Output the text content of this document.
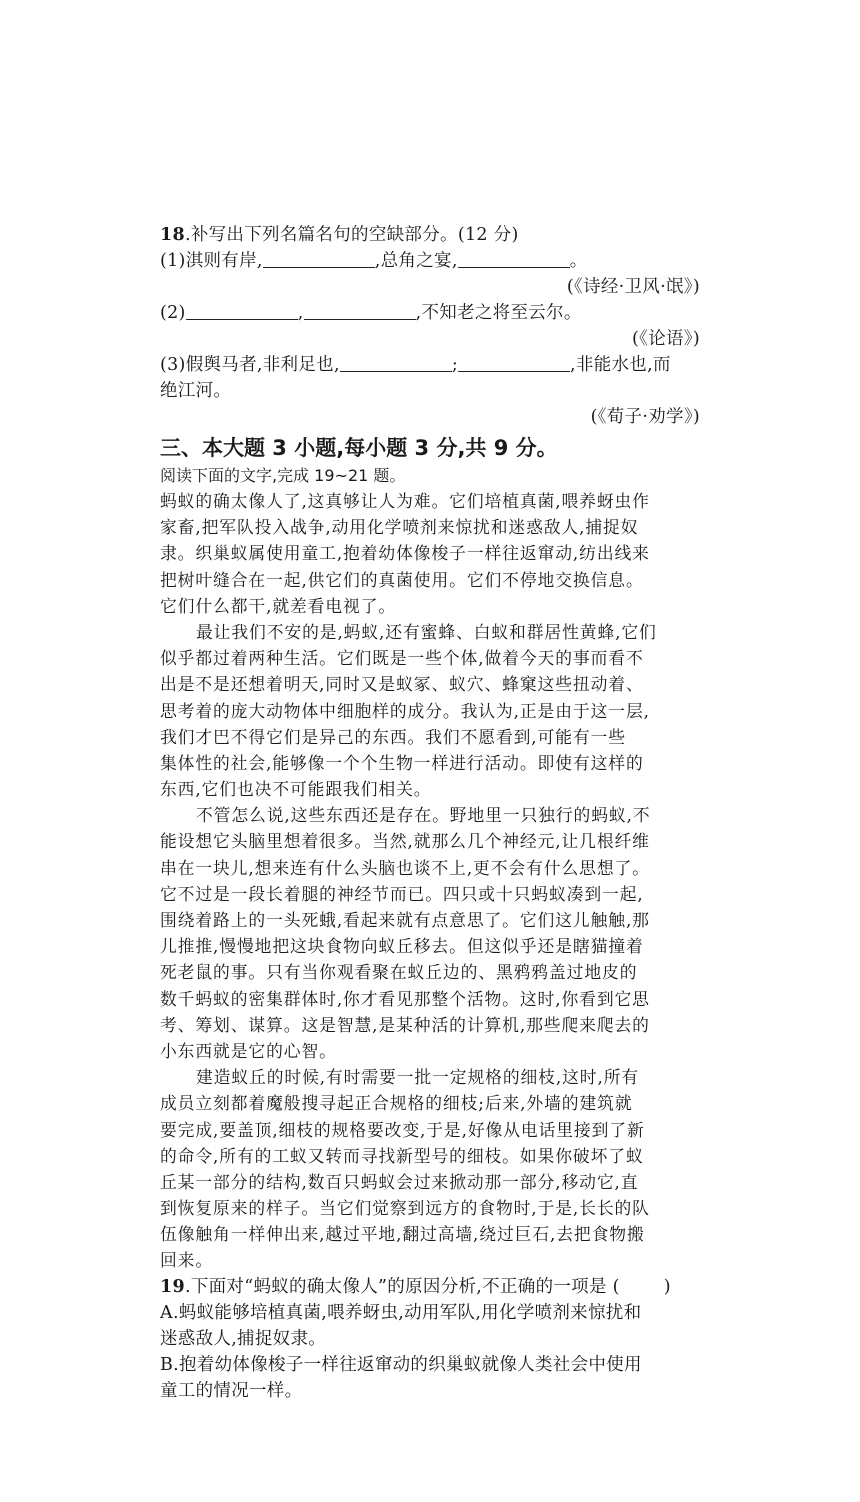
18.补写出下列名篇名句的空缺部分。(12 分)
(1)淇则有岸,	,总角之宴,	。
(《诗经·卫风·氓》)
(2)	,	,不知老之将至云尔。
(《论语》)
(3)假舆马者,非利足也,	;	,非能水也,而
绝江河。
(《荀子·劝学》)
三、本大题 3 小题,每小题 3 分,共 9 分。
阅读下面的文字,完成 19~21 题。
蚂蚁的确太像人了,这真够让人为难。它们培植真菌,喂养蚜虫作
家畜,把军队投入战争,动用化学喷剂来惊扰和迷惑敌人,捕捉奴
隶。织巢蚁属使用童工,抱着幼体像梭子一样往返窜动,纺出线来
把树叶缝合在一起,供它们的真菌使用。它们不停地交换信息。
它们什么都干,就差看电视了。
最让我们不安的是,蚂蚁,还有蜜蜂、白蚁和群居性黄蜂,它们
似乎都过着两种生活。它们既是一些个体,做着今天的事而看不
出是不是还想着明天,同时又是蚁冢、蚁穴、蜂窠这些扭动着、
思考着的庞大动物体中细胞样的成分。我认为,正是由于这一层,
我们才巴不得它们是异己的东西。我们不愿看到,可能有一些
集体性的社会,能够像一个个生物一样进行活动。即使有这样的
东西,它们也决不可能跟我们相关。
不管怎么说,这些东西还是存在。野地里一只独行的蚂蚁,不
能设想它头脑里想着很多。当然,就那么几个神经元,让几根纤维
串在一块儿,想来连有什么头脑也谈不上,更不会有什么思想了。
它不过是一段长着腿的神经节而已。四只或十只蚂蚁凑到一起,
围绕着路上的一头死蛾,看起来就有点意思了。它们这儿触触,那
儿推推,慢慢地把这块食物向蚁丘移去。但这似乎还是瞎猫撞着
死老鼠的事。只有当你观看聚在蚁丘边的、黑鸦鸦盖过地皮的
数千蚂蚁的密集群体时,你才看见那整个活物。这时,你看到它思
考、筹划、谋算。这是智慧,是某种活的计算机,那些爬来爬去的
小东西就是它的心智。
建造蚁丘的时候,有时需要一批一定规格的细枝,这时,所有
成员立刻都着魔般搜寻起正合规格的细枝;后来,外墙的建筑就
要完成,要盖顶,细枝的规格要改变,于是,好像从电话里接到了新
的命令,所有的工蚁又转而寻找新型号的细枝。如果你破坏了蚁
丘某一部分的结构,数百只蚂蚁会过来掀动那一部分,移动它,直
到恢复原来的样子。当它们觉察到远方的食物时,于是,长长的队
伍像触角一样伸出来,越过平地,翻过高墙,绕过巨石,去把食物搬
回来。
19.下面对“蚂蚁的确太像人”的原因分析,不正确的一项是 (	)
A.蚂蚁能够培植真菌,喂养蚜虫,动用军队,用化学喷剂来惊扰和
迷惑敌人,捕捉奴隶。
B.抱着幼体像梭子一样往返窜动的织巢蚁就像人类社会中使用
童工的情况一样。
